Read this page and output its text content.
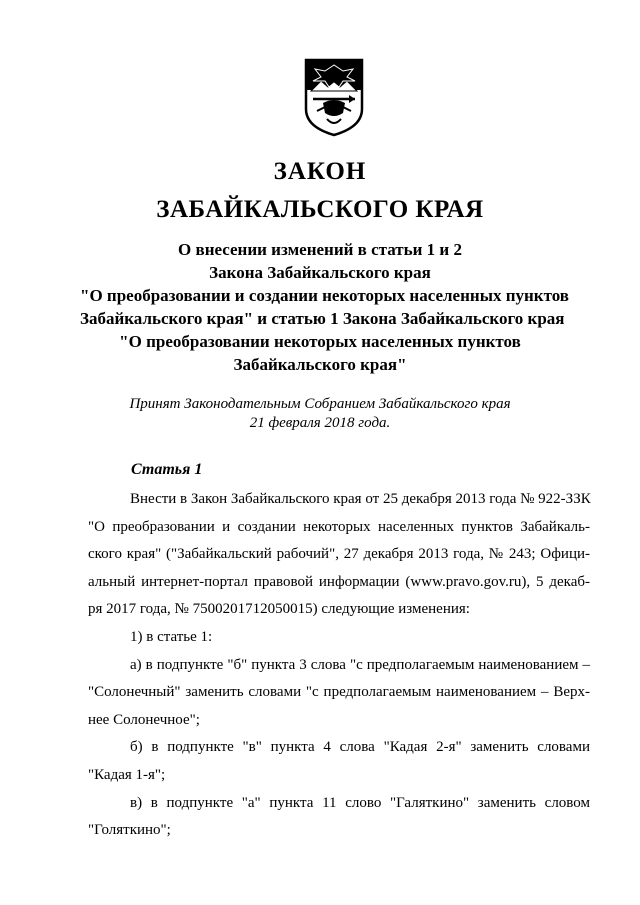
ЗАКОН
ЗАБАЙКАЛЬСКОГО КРАЯ
О внесении изменений в статьи 1 и 2
Закона Забайкальского края
"О преобразовании и создании некоторых населенных пунктов
Забайкальского края" и статью 1 Закона Забайкальского края
"О преобразовании некоторых населенных пунктов
Забайкальского края"
Принят Законодательным Собранием Забайкальского края
21 февраля 2018 года.
Статья 1
Внести в Закон Забайкальского края от 25 декабря 2013 года № 922-ЗЗК
"О преобразовании и создании некоторых населенных пунктов Забайкаль-
ского края" ("Забайкальский рабочий", 27 декабря 2013 года, № 243; Офици-
альный интернет-портал правовой информации (www.pravo.gov.ru), 5 декаб-
ря 2017 года, № 7500201712050015) следующие изменения:
1) в статье 1:
а) в подпункте "б" пункта 3 слова "с предполагаемым наименованием –
"Солонечный" заменить словами "с предполагаемым наименованием – Верх-
нее Солонечное";
б) в подпункте "в" пункта 4 слова "Кадая 2-я" заменить словами
"Кадая 1-я";
в) в подпункте "а" пункта 11 слово "Галяткино" заменить словом
"Голяткино";
